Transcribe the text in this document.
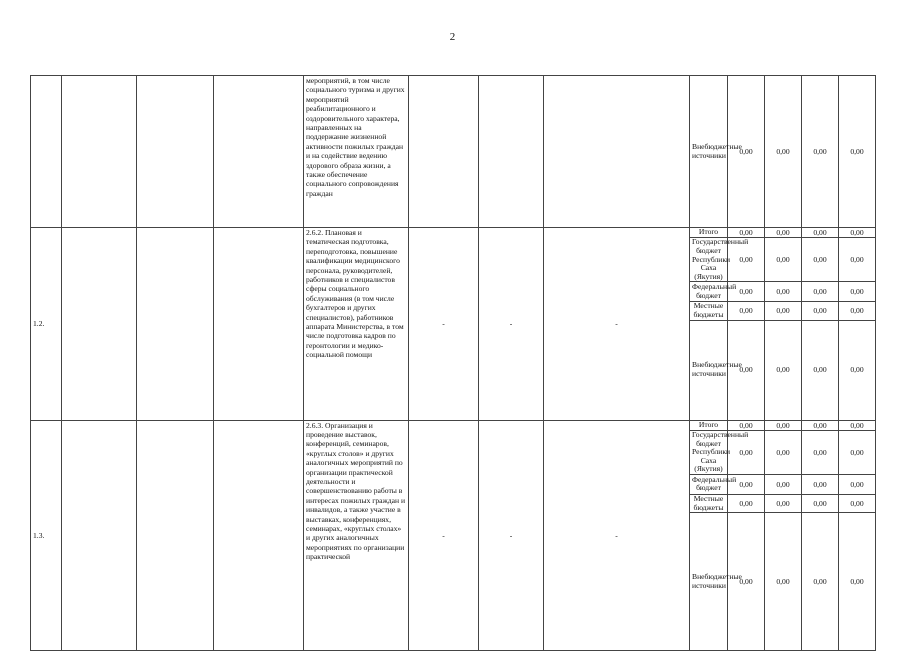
2

				мероприятий, в том числе социального туризма и других мероприятий реабилитационного и оздоровительного характера, направленных на поддержание жизненной активности пожилых граждан и на содействие ведению здорового образа жизни, а также обеспечение социального сопровождения граждан				Внебюджетные источники	0,00	0,00	0,00	0,00	
1.2.				2.6.2. Плановая и тематическая подготовка, переподготовка, повышение квалификации медицинского персонала, руководителей, работников и специалистов сферы социального обслуживания (в том числе бухгалтеров и других специалистов), работников аппарата Министерства, в том числе подготовка кадров по геронтологии и медико-социальной помощи	-	-	-	Итого	0,00	0,00	0,00	0,00	
								Государственный бюджет Республики Саха (Якутия)	0,00	0,00	0,00	0,00	
								Федеральный бюджет	0,00	0,00	0,00	0,00	
								Местные бюджеты	0,00	0,00	0,00	0,00	
								Внебюджетные источники	0,00	0,00	0,00	0,00	
1.3.				2.6.3. Организация и проведение выставок, конференций, семинаров, «круглых столов» и других аналогичных мероприятий по организации практической деятельности и совершенствованию работы в интересах пожилых граждан и инвалидов, а также участие в выставках, конференциях, семинарах, «круглых столах» и других аналогичных мероприятиях по организации практической	-	-	-	Итого	0,00	0,00	0,00	0,00	
								Государственный бюджет Республики Саха (Якутия)	0,00	0,00	0,00	0,00	
								Федеральный бюджет	0,00	0,00	0,00	0,00	
								Местные бюджеты	0,00	0,00	0,00	0,00	
								Внебюджетные источники	0,00	0,00	0,00	0,00	
